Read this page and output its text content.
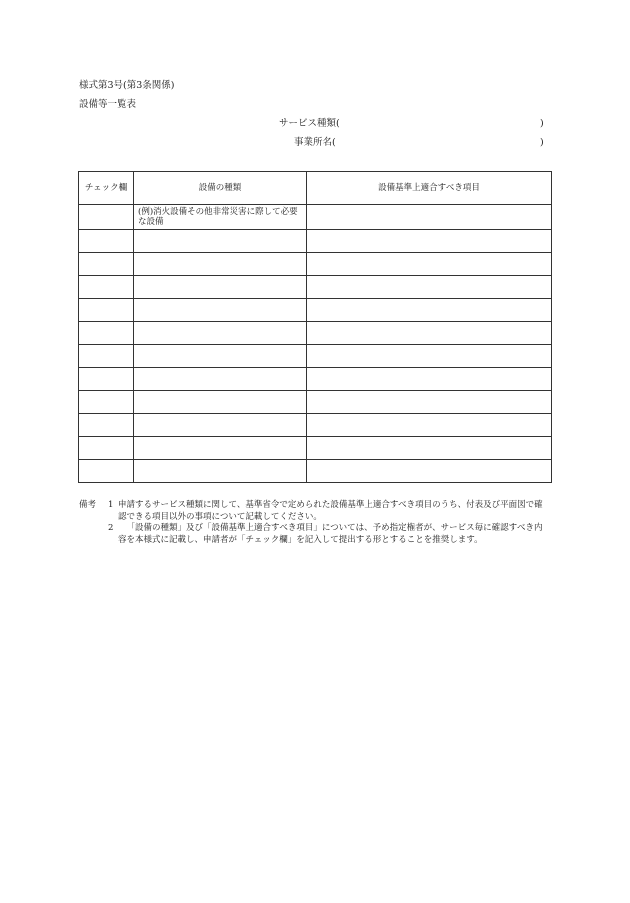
様式第3号(第3条関係)
設備等一覧表
サービス種類(	)
事業所名(	)
チェック欄	設備の種類	設備基準上適合すべき項目
	(例)消火設備その他非常災害に際して必要な設備	

備考	1 申請するサービス種類に関して、基準省令で定められた設備基準上適合すべき項目のうち、付表及び平面図で確認できる項目以外の事項について記載してください。
2	「設備の種類」及び「設備基準上適合すべき項目」については、予め指定権者が、サービス毎に確認すべき内容を本様式に記載し、申請者が「チェック欄」を記入して提出する形とすることを推奨します。
